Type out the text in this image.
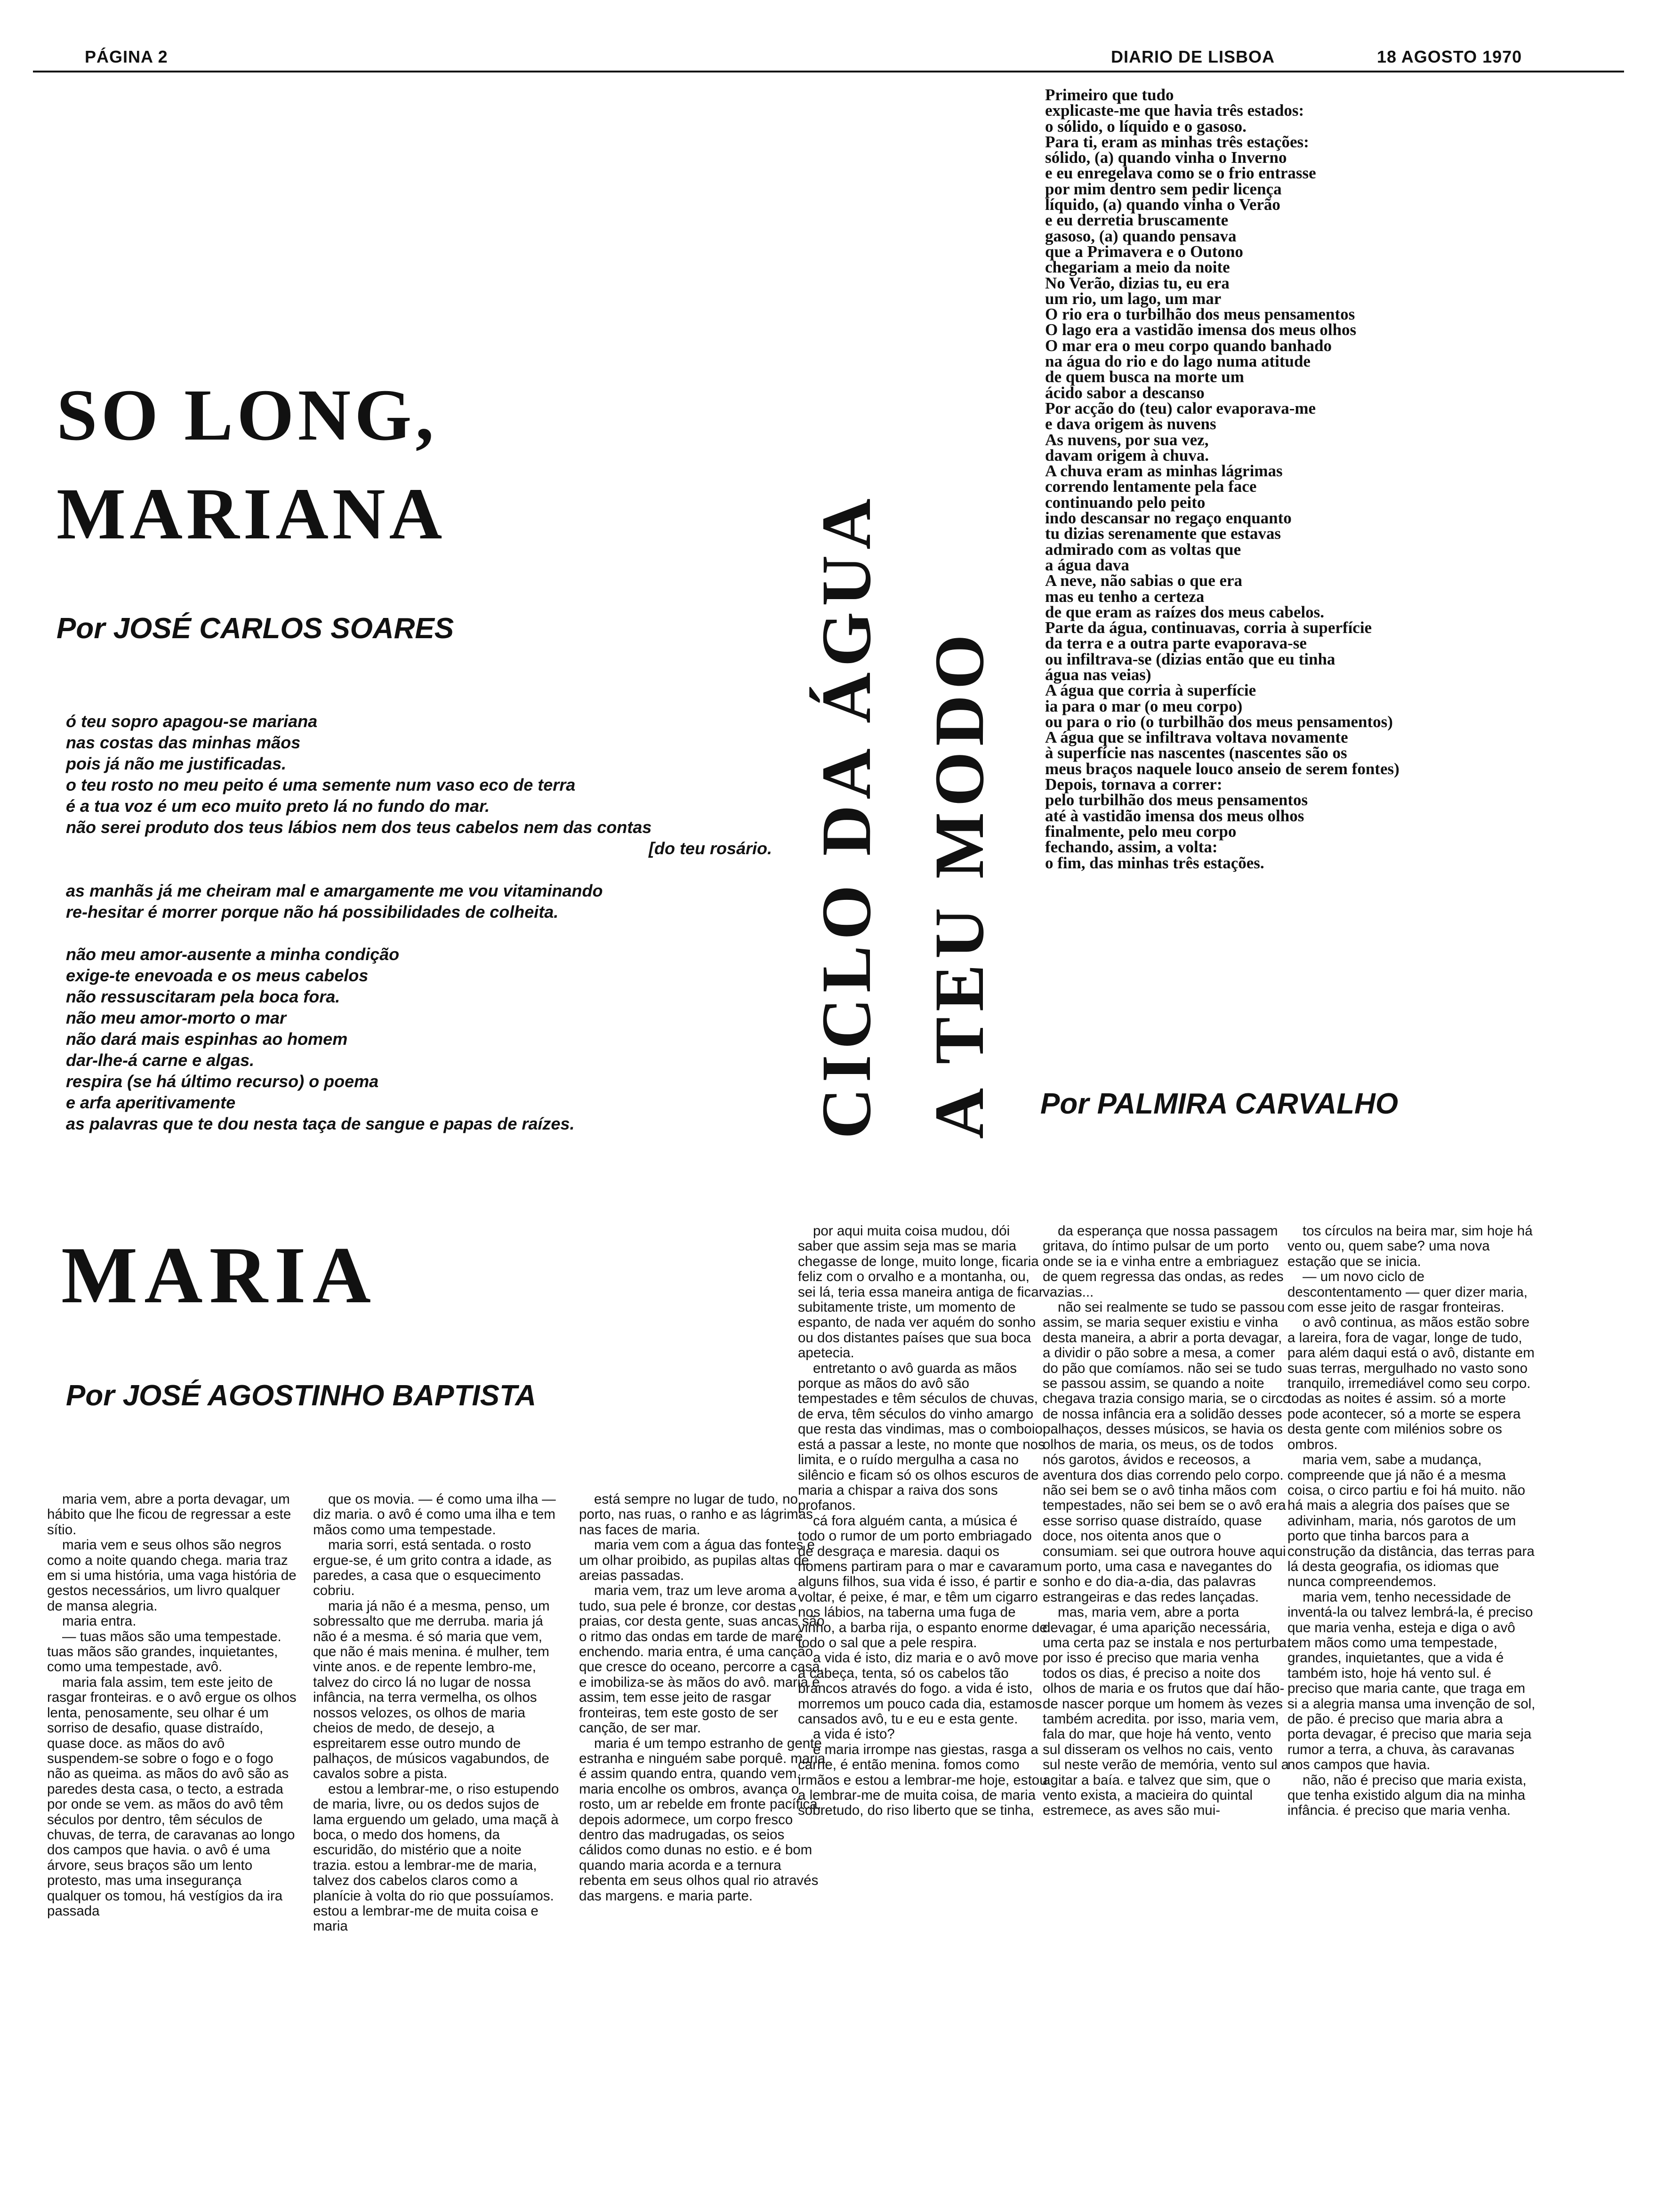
PÁGINA 2	DIARIO DE LISBOA	18 AGOSTO 1970
SO LONG,
MARIANA
Por JOSÉ CARLOS SOARES
ó teu sopro apagou-se mariana
nas costas das minhas mãos
pois já não me justificadas.
o teu rosto no meu peito é uma semente num vaso eco de terra
é a tua voz é um eco muito preto lá no fundo do mar.
não serei produto dos teus lábios nem dos teus cabelos nem das contas
[do teu rosário.

as manhãs já me cheiram mal e amargamente me vou vitaminando
re-hesitar é morrer porque não há possibilidades de colheita.

não meu amor-ausente a minha condição
exige-te enevoada e os meus cabelos
não ressuscitaram pela boca fora.
não meu amor-morto o mar
não dará mais espinhas ao homem
dar-lhe-á carne e algas.
respira (se há último recurso) o poema
e arfa aperitivamente
as palavras que te dou nesta taça de sangue e papas de raízes.	CICLO DA ÁGUA A TEU MODO Por PALMIRA CARVALHO
Primeiro que tudo
explicaste-me que havia três estados:
o sólido, o líquido e o gasoso.
Para ti, eram as minhas três estações:
sólido, (a) quando vinha o Inverno
e eu enregelava como se o frio entrasse
por mim dentro sem pedir licença
líquido, (a) quando vinha o Verão
e eu derretia bruscamente
gasoso, (a) quando pensava
que a Primavera e o Outono
chegariam a meio da noite
No Verão, dizias tu, eu era
um rio, um lago, um mar
O rio era o turbilhão dos meus pensamentos
O lago era a vastidão imensa dos meus olhos
O mar era o meu corpo quando banhado
na água do rio e do lago numa atitude
de quem busca na morte um
ácido sabor a descanso
Por acção do (teu) calor evaporava-me
e dava origem às nuvens
As nuvens, por sua vez,
davam origem à chuva.
A chuva eram as minhas lágrimas
correndo lentamente pela face
continuando pelo peito
indo descansar no regaço enquanto
tu dizias serenamente que estavas
admirado com as voltas que
a água dava
A neve, não sabias o que era
mas eu tenho a certeza
de que eram as raízes dos meus cabelos.
Parte da água, continuavas, corria à superfície
da terra e a outra parte evaporava-se
ou infiltrava-se (dizias então que eu tinha
água nas veias)
A água que corria à superfície
ia para o mar (o meu corpo)
ou para o rio (o turbilhão dos meus pensamentos)
A água que se infiltrava voltava novamente
à superfície nas nascentes (nascentes são os
meus braços naquele louco anseio de serem fontes)
Depois, tornava a correr:
pelo turbilhão dos meus pensamentos
até à vastidão imensa dos meus olhos
finalmente, pelo meu corpo
fechando, assim, a volta:
o fim, das minhas três estações.
MARIA
Por JOSÉ AGOSTINHO BAPTISTA

maria vem, abre a porta devagar, um hábito que lhe ficou de regressar a este sítio.

maria vem e seus olhos são negros como a noite quando chega. maria traz em si uma história, uma vaga história de gestos necessários, um livro qualquer de mansa alegria.

maria entra.

— tuas mãos são uma tempestade. tuas mãos são grandes, inquietantes, como uma tempestade, avô.

maria fala assim, tem este jeito de rasgar fronteiras. e o avô ergue os olhos lenta, penosamente, seu olhar é um sorriso de desafio, quase distraído, quase doce. as mãos do avô suspendem-se sobre o fogo e o fogo não as queima. as mãos do avô são as paredes desta casa, o tecto, a estrada por onde se vem. as mãos do avô têm séculos por dentro, têm séculos de chuvas, de terra, de caravanas ao longo dos campos que havia. o avô é uma árvore, seus braços são um lento protesto, mas uma insegurança qualquer os tomou, há vestígios da ira passada

que os movia. — é como uma ilha — diz maria. o avô é como uma ilha e tem mãos como uma tempestade.

maria sorri, está sentada. o rosto ergue-se, é um grito contra a idade, as paredes, a casa que o esquecimento cobriu.

maria já não é a mesma, penso, um sobressalto que me derruba. maria já não é a mesma. é só maria que vem, que não é mais menina. é mulher, tem vinte anos. e de repente lembro-me, talvez do circo lá no lugar de nossa infância, na terra vermelha, os olhos nossos velozes, os olhos de maria cheios de medo, de desejo, a espreitarem esse outro mundo de palhaços, de músicos vagabundos, de cavalos sobre a pista.

estou a lembrar-me, o riso estupendo de maria, livre, ou os dedos sujos de lama erguendo um gelado, uma maçã à boca, o medo dos homens, da escuridão, do mistério que a noite trazia. estou a lembrar-me de maria, talvez dos cabelos claros como a planície à volta do rio que possuíamos. estou a lembrar-me de muita coisa e maria

está sempre no lugar de tudo, no porto, nas ruas, o ranho e as lágrimas nas faces de maria.

maria vem com a água das fontes e um olhar proibido, as pupilas altas de areias passadas.

maria vem, traz um leve aroma a tudo, sua pele é bronze, cor destas praias, cor desta gente, suas ancas são o ritmo das ondas em tarde de maré enchendo. maria entra, é uma canção que cresce do oceano, percorre a casa, e imobiliza-se às mãos do avô. maria é assim, tem esse jeito de rasgar fronteiras, tem este gosto de ser canção, de ser mar.

maria é um tempo estranho de gente estranha e ninguém sabe porquê. maria é assim quando entra, quando vem. maria encolhe os ombros, avança o rosto, um ar rebelde em fronte pacífica. depois adormece, um corpo fresco dentro das madrugadas, os seios cálidos como dunas no estio. e é bom quando maria acorda e a ternura rebenta em seus olhos qual rio através das margens. e maria parte.

por aqui muita coisa mudou, dói saber que assim seja mas se maria chegasse de longe, muito longe, ficaria feliz com o orvalho e a montanha, ou, sei lá, teria essa maneira antiga de ficar subitamente triste, um momento de espanto, de nada ver aquém do sonho ou dos distantes países que sua boca apetecia.

entretanto o avô guarda as mãos porque as mãos do avô são tempestades e têm séculos de chuvas, de erva, têm séculos do vinho amargo que resta das vindimas, mas o comboio está a passar a leste, no monte que nos limita, e o ruído mergulha a casa no silêncio e ficam só os olhos escuros de maria a chispar a raiva dos sons profanos.

cá fora alguém canta, a música é todo o rumor de um porto embriagado de desgraça e maresia. daqui os homens partiram para o mar e cavaram alguns filhos, sua vida é isso, é partir e voltar, é peixe, é mar, e têm um cigarro nos lábios, na taberna uma fuga de vinho, a barba rija, o espanto enorme de todo o sal que a pele respira.

a vida é isto, diz maria e o avô move a cabeça, tenta, só os cabelos tão brancos através do fogo. a vida é isto, morremos um pouco cada dia, estamos cansados avô, tu e eu e esta gente.

a vida é isto?

e maria irrompe nas giestas, rasga a carne, é então menina. fomos como irmãos e estou a lembrar-me hoje, estou a lembrar-me de muita coisa, de maria sobretudo, do riso liberto que se tinha,

da esperança que nossa passagem gritava, do íntimo pulsar de um porto onde se ia e vinha entre a embriaguez de quem regressa das ondas, as redes vazias...

não sei realmente se tudo se passou assim, se maria sequer existiu e vinha desta maneira, a abrir a porta devagar, a dividir o pão sobre a mesa, a comer do pão que comíamos. não sei se tudo se passou assim, se quando a noite chegava trazia consigo maria, se o circo de nossa infância era a solidão desses palhaços, desses músicos, se havia os olhos de maria, os meus, os de todos nós garotos, ávidos e receosos, a aventura dos dias correndo pelo corpo. não sei bem se o avô tinha mãos com tempestades, não sei bem se o avô era esse sorriso quase distraído, quase doce, nos oitenta anos que o consumiam. sei que outrora houve aqui um porto, uma casa e navegantes do sonho e do dia-a-dia, das palavras estrangeiras e das redes lançadas.

mas, maria vem, abre a porta devagar, é uma aparição necessária, uma certa paz se instala e nos perturba. por isso é preciso que maria venha todos os dias, é preciso a noite dos olhos de maria e os frutos que daí hão-de nascer porque um homem às vezes também acredita. por isso, maria vem, fala do mar, que hoje há vento, vento sul disseram os velhos no cais, vento sul neste verão de memória, vento sul a agitar a baía. e talvez que sim, que o vento exista, a macieira do quintal estremece, as aves são mui-

tos círculos na beira mar, sim hoje há vento ou, quem sabe? uma nova estação que se inicia.

— um novo ciclo de descontentamento — quer dizer maria, com esse jeito de rasgar fronteiras.

o avô continua, as mãos estão sobre a lareira, fora de vagar, longe de tudo, para além daqui está o avô, distante em suas terras, mergulhado no vasto sono tranquilo, irremediável como seu corpo. todas as noites é assim. só a morte pode acontecer, só a morte se espera desta gente com milénios sobre os ombros.

maria vem, sabe a mudança, compreende que já não é a mesma coisa, o circo partiu e foi há muito. não há mais a alegria dos países que se adivinham, maria, nós garotos de um porto que tinha barcos para a construção da distância, das terras para lá desta geografia, os idiomas que nunca compreendemos.

maria vem, tenho necessidade de inventá-la ou talvez lembrá-la, é preciso que maria venha, esteja e diga o avô tem mãos como uma tempestade, grandes, inquietantes, que a vida é também isto, hoje há vento sul. é preciso que maria cante, que traga em si a alegria mansa uma invenção de sol, de pão. é preciso que maria abra a porta devagar, é preciso que maria seja rumor a terra, a chuva, às caravanas nos campos que havia.

não, não é preciso que maria exista, que tenha existido algum dia na minha infância. é preciso que maria venha.
